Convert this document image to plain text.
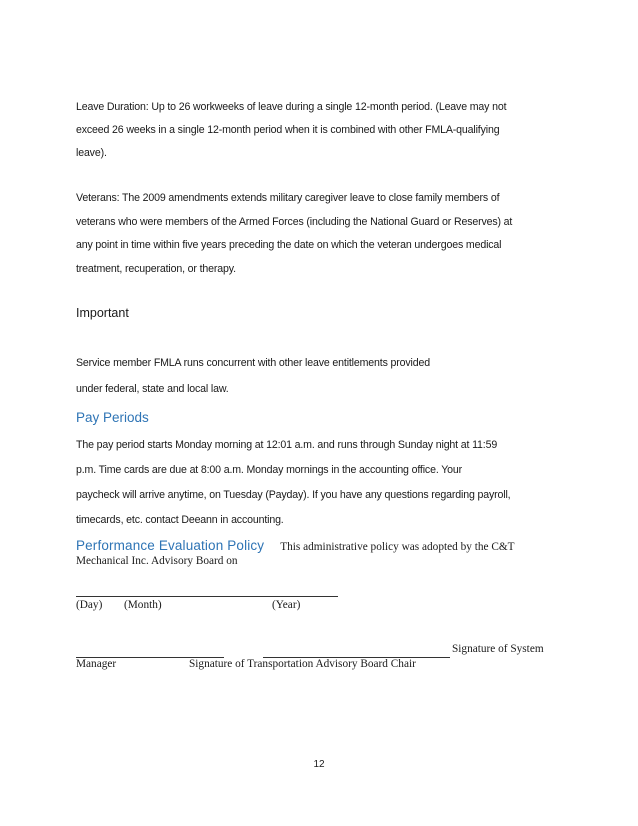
Leave Duration: Up to 26 workweeks of leave during a single 12-month period. (Leave may not
exceed 26 weeks in a single 12-month period when it is combined with other FMLA-qualifying
leave).
Veterans: The 2009 amendments extends military caregiver leave to close family members of
veterans who were members of the Armed Forces (including the National Guard or Reserves) at
any point in time within five years preceding the date on which the veteran undergoes medical
treatment, recuperation, or therapy.
Important
Service member FMLA runs concurrent with other leave entitlements provided
under federal, state and local law.
Pay Periods
The pay period starts Monday morning at 12:01 a.m. and runs through Sunday night at 11:59
p.m. Time cards are due at 8:00 a.m. Monday mornings in the accounting office. Your
paycheck will arrive anytime, on Tuesday (Payday). If you have any questions regarding payroll,
timecards, etc. contact Deeann in accounting.
Performance Evaluation Policy This administrative policy was adopted by the C&T
Mechanical Inc. Advisory Board on
(Day) (Month)	(Year)
Signature of System
Manager	Signature of Transportation Advisory Board Chair
12
